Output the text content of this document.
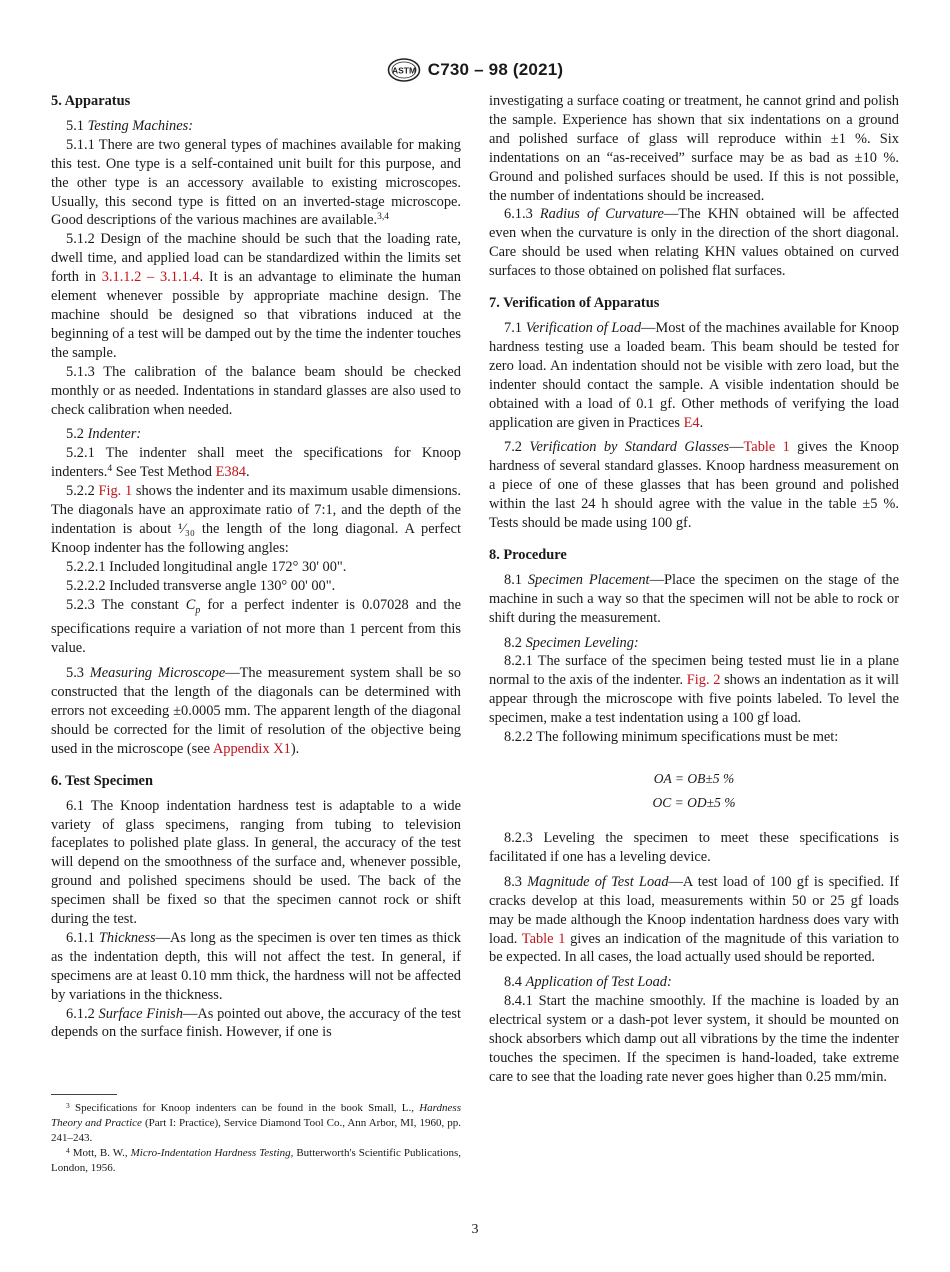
ASTM C730 – 98 (2021)
5. Apparatus

5.1 Testing Machines:

5.1.1 There are two general types of machines available for making this test. One type is a self-contained unit built for this purpose, and the other type is an accessory available to existing microscopes. Usually, this second type is fitted on an inverted-stage microscope. Good descriptions of the various machines are available.$^{3,4}$

5.1.2 Design of the machine should be such that the loading rate, dwell time, and applied load can be standardized within the limits set forth in 3.1.1.2 – 3.1.1.4. It is an advantage to eliminate the human element whenever possible by appropriate machine design. The machine should be designed so that vibrations induced at the beginning of a test will be damped out by the time the indenter touches the sample.

5.1.3 The calibration of the balance beam should be checked monthly or as needed. Indentations in standard glasses are also used to check calibration when needed.

5.2 Indenter:

5.2.1 The indenter shall meet the specifications for Knoop indenters.$^4$ See Test Method E384.

5.2.2 Fig. 1 shows the indenter and its maximum usable dimensions. The diagonals have an approximate ratio of 7:1, and the depth of the indentation is about ¹⁄₃₀ the length of the long diagonal. A perfect Knoop indenter has the following angles:

5.2.2.1 Included longitudinal angle 172° 30' 00".

5.2.2.2 Included transverse angle 130° 00' 00".

5.2.3 The constant $C_p$ for a perfect indenter is 0.07028 and the specifications require a variation of not more than 1 percent from this value.

5.3 Measuring Microscope—The measurement system shall be so constructed that the length of the diagonals can be determined with errors not exceeding ±0.0005 mm. The apparent length of the diagonal should be corrected for the limit of resolution of the objective being used in the microscope (see Appendix X1).

6. Test Specimen

6.1 The Knoop indentation hardness test is adaptable to a wide variety of glass specimens, ranging from tubing to television faceplates to polished plate glass. In general, the accuracy of the test will depend on the smoothness of the surface and, whenever possible, ground and polished specimens should be used. The back of the specimen shall be fixed so that the specimen cannot rock or shift during the test.

6.1.1 Thickness—As long as the specimen is over ten times as thick as the indentation depth, this will not affect the test. In general, if specimens are at least 0.10 mm thick, the hardness will not be affected by variations in the thickness.

6.1.2 Surface Finish—As pointed out above, the accuracy of the test depends on the surface finish. However, if one is

$^3$ Specifications for Knoop indenters can be found in the book Small, L., Hardness Theory and Practice (Part I: Practice), Service Diamond Tool Co., Ann Arbor, MI, 1960, pp. 241–243.

$^4$ Mott, B. W., Micro-Indentation Hardness Testing, Butterworth's Scientific Publications, London, 1956.

investigating a surface coating or treatment, he cannot grind and polish the sample. Experience has shown that six indentations on a ground and polished surface of glass will reproduce within ±1 %. Six indentations on an “as-received” surface may be as bad as ±10 %. Ground and polished surfaces should be used. If this is not possible, the number of indentations should be increased.

6.1.3 Radius of Curvature—The KHN obtained will be affected even when the curvature is only in the direction of the short diagonal. Care should be used when relating KHN values obtained on curved surfaces to those obtained on polished flat surfaces.

7. Verification of Apparatus

7.1 Verification of Load—Most of the machines available for Knoop hardness testing use a loaded beam. This beam should be tested for zero load. An indentation should not be visible with zero load, but the indenter should contact the sample. A visible indentation should be obtained with a load of 0.1 gf. Other methods of verifying the load application are given in Practices E4.

7.2 Verification by Standard Glasses—Table 1 gives the Knoop hardness of several standard glasses. Knoop hardness measurement on a piece of one of these glasses that has been ground and polished within the last 24 h should agree with the value in the table ±5 %. Tests should be made using 100 gf.

8. Procedure

8.1 Specimen Placement—Place the specimen on the stage of the machine in such a way so that the specimen will not be able to rock or shift during the measurement.

8.2 Specimen Leveling:

8.2.1 The surface of the specimen being tested must lie in a plane normal to the axis of the indenter. Fig. 2 shows an indentation as it will appear through the microscope with five points labeled. To level the specimen, make a test indentation using a 100 gf load.

8.2.2 The following minimum specifications must be met:

OA = OB±5 %
OC = OD±5 %

8.2.3 Leveling the specimen to meet these specifications is facilitated if one has a leveling device.

8.3 Magnitude of Test Load—A test load of 100 gf is specified. If cracks develop at this load, measurements within 50 or 25 gf loads may be made although the Knoop indentation hardness does vary with load. Table 1 gives an indication of the magnitude of this variation to be expected. In all cases, the load actually used should be reported.

8.4 Application of Test Load:

8.4.1 Start the machine smoothly. If the machine is loaded by an electrical system or a dash-pot lever system, it should be mounted on shock absorbers which damp out all vibrations by the time the indenter touches the specimen. If the specimen is hand-loaded, take extreme care to see that the loading rate never goes higher than 0.25 mm/min.

3
